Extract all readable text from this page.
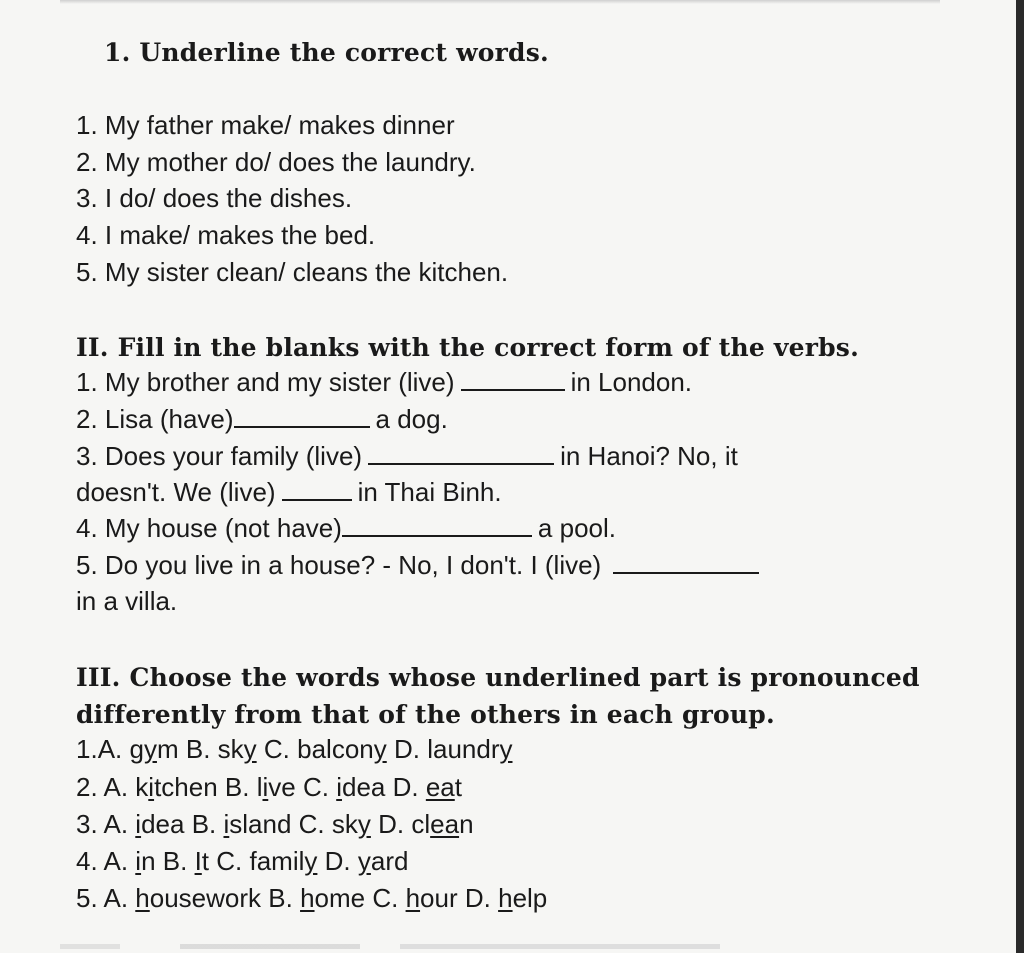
1. Underline the correct words.
1. My father make/ makes dinner
2. My mother do/ does the laundry.
3. I do/ does the dishes.
4. I make/ makes the bed.
5. My sister clean/ cleans the kitchen.
II. Fill in the blanks with the correct form of the verbs.
1. My brother and my sister (live)	in London.
2. Lisa (have)	a dog.
3. Does your family (live)	in Hanoi? No, it
doesn't. We (live)	in Thai Binh.
4. My house (not have)	a pool.
5. Do you live in a house? - No, I don't. I (live)
in a villa.
III. Choose the words whose underlined part is pronounced
differently from that of the others in each group.
1.A. gym B. sky C. balcony D. laundry
2. A. kitchen B. live C. idea D. eat
3. A. idea B. island C. sky D. clean
4. A. in B. It C. family D. yard
5. A. housework B. home C. hour D. help
